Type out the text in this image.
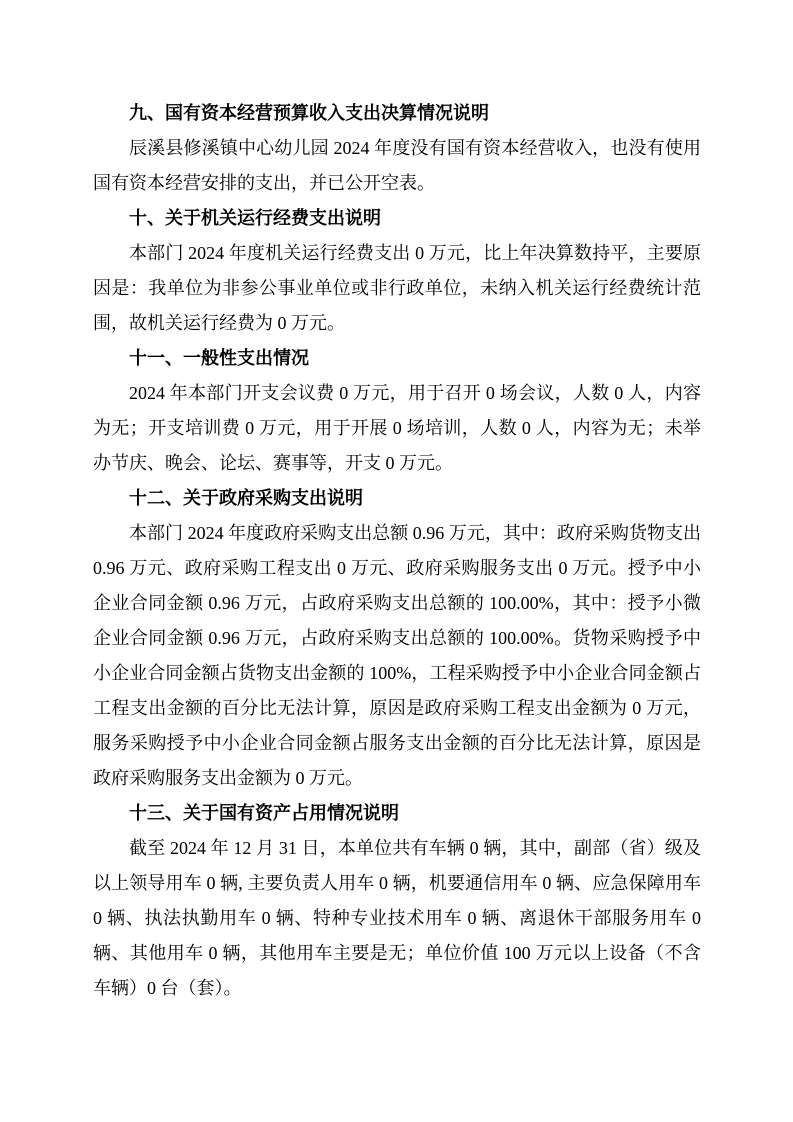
九、国有资本经营预算收入支出决算情况说明

辰溪县修溪镇中心幼儿园 2024 年度没有国有资本经营收入，也没有使用国有资本经营安排的支出，并已公开空表。

十、关于机关运行经费支出说明

本部门 2024 年度机关运行经费支出 0 万元，比上年决算数持平，主要原因是：我单位为非参公事业单位或非行政单位，未纳入机关运行经费统计范围，故机关运行经费为 0 万元。

十一、一般性支出情况

2024 年本部门开支会议费 0 万元，用于召开 0 场会议，人数 0 人，内容为无；开支培训费 0 万元，用于开展 0 场培训，人数 0 人，内容为无；未举办节庆、晚会、论坛、赛事等，开支 0 万元。

十二、关于政府采购支出说明

本部门 2024 年度政府采购支出总额 0.96 万元，其中：政府采购货物支出 0.96 万元、政府采购工程支出 0 万元、政府采购服务支出 0 万元。授予中小企业合同金额 0.96 万元，占政府采购支出总额的 100.00%，其中：授予小微企业合同金额 0.96 万元，占政府采购支出总额的 100.00%。货物采购授予中小企业合同金额占货物支出金额的 100%，工程采购授予中小企业合同金额占工程支出金额的百分比无法计算，原因是政府采购工程支出金额为 0 万元，服务采购授予中小企业合同金额占服务支出金额的百分比无法计算，原因是政府采购服务支出金额为 0 万元。

十三、关于国有资产占用情况说明

截至 2024 年 12 月 31 日，本单位共有车辆 0 辆，其中，副部（省）级及以上领导用车 0 辆, 主要负责人用车 0 辆，机要通信用车 0 辆、应急保障用车 0 辆、执法执勤用车 0 辆、特种专业技术用车 0 辆、离退休干部服务用车 0 辆、其他用车 0 辆，其他用车主要是无；单位价值 100 万元以上设备（不含车辆）0 台（套）。
